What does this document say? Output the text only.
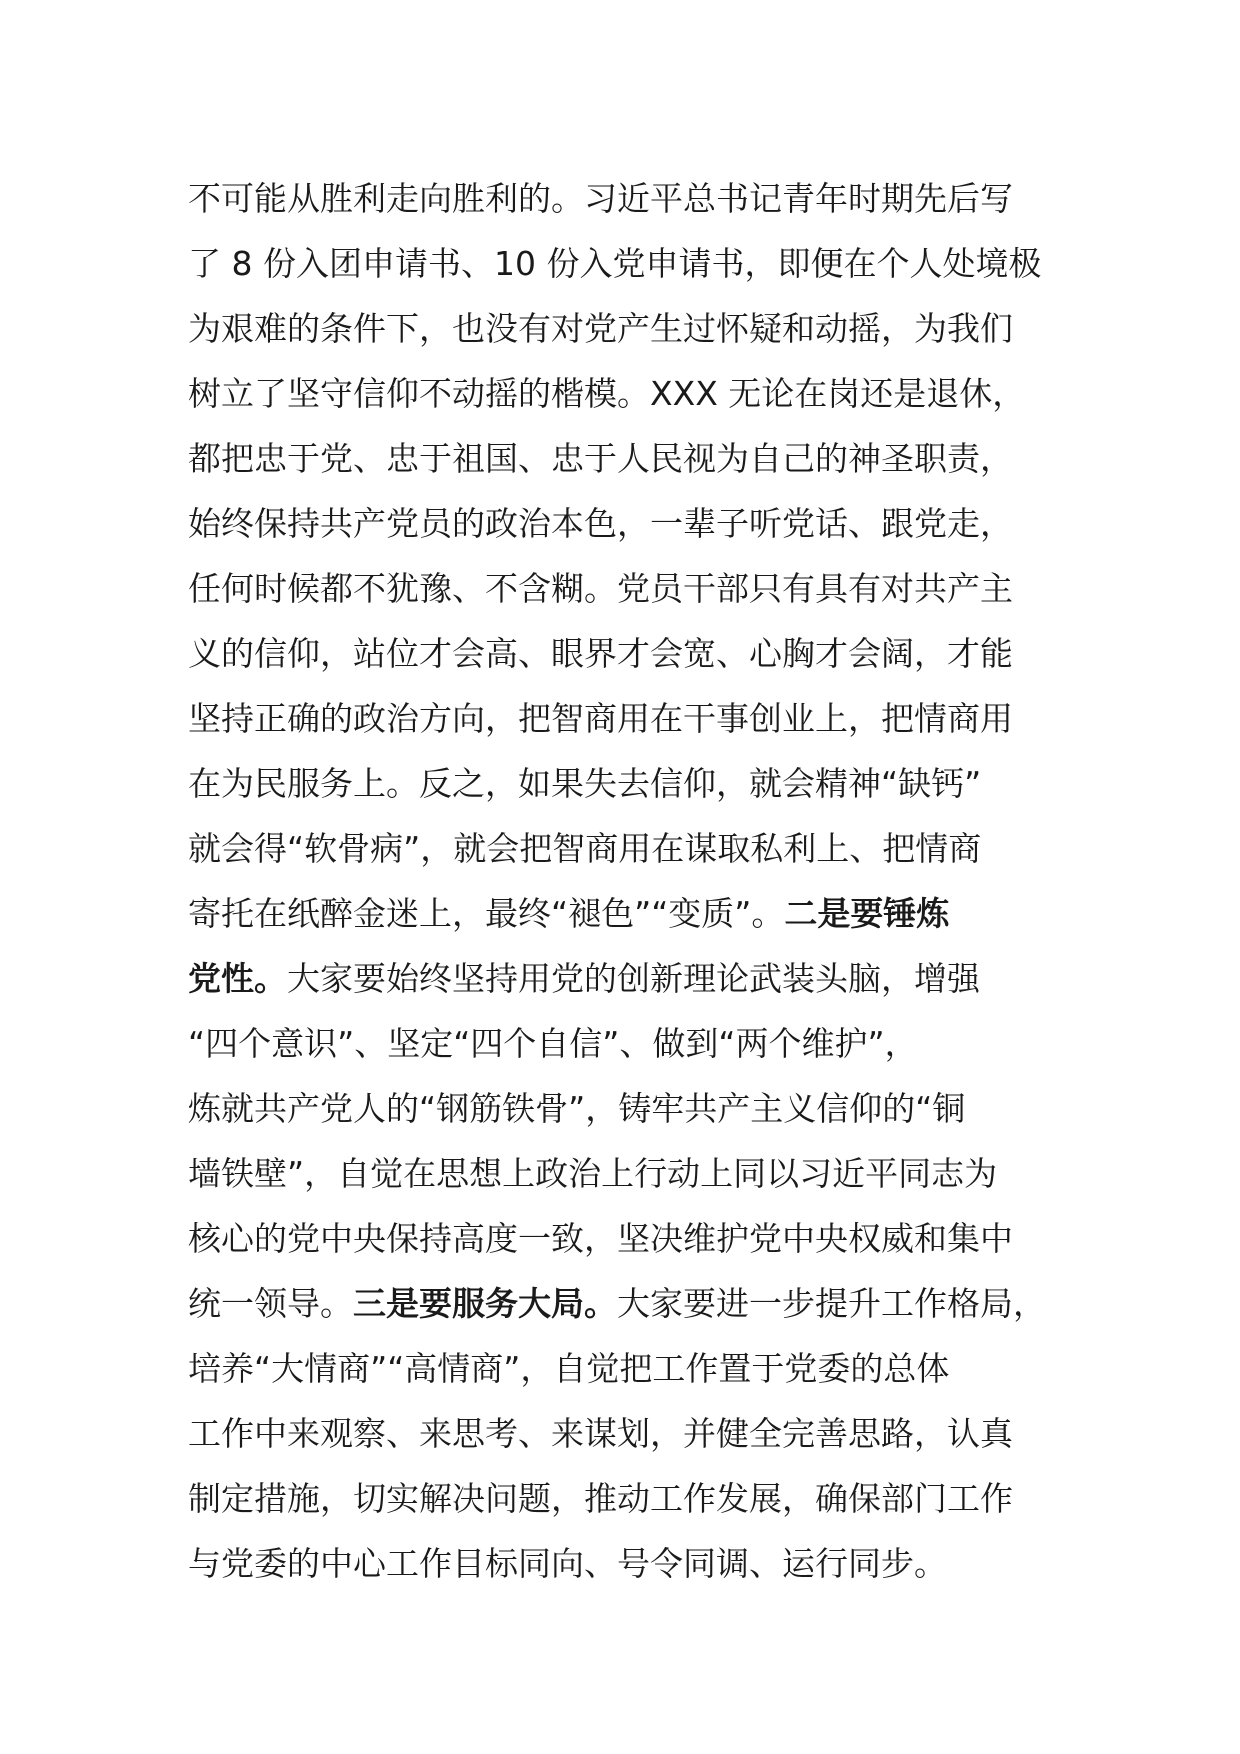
不可能从胜利走向胜利的。习近平总书记青年时期先后写
了 8 份入团申请书、10 份入党申请书，即便在个人处境极
为艰难的条件下，也没有对党产生过怀疑和动摇，为我们
树立了坚守信仰不动摇的楷模。XXX 无论在岗还是退休，
都把忠于党、忠于祖国、忠于人民视为自己的神圣职责，
始终保持共产党员的政治本色，一辈子听党话、跟党走，
任何时候都不犹豫、不含糊。党员干部只有具有对共产主
义的信仰，站位才会高、眼界才会宽、心胸才会阔，才能
坚持正确的政治方向，把智商用在干事创业上，把情商用
在为民服务上。反之，如果失去信仰，就会精神“缺钙”
就会得“软骨病”，就会把智商用在谋取私利上、把情商
寄托在纸醉金迷上，最终“褪色”“变质”。二是要锤炼
党性。大家要始终坚持用党的创新理论武装头脑，增强
“四个意识”、坚定“四个自信”、做到“两个维护”，
炼就共产党人的“钢筋铁骨”，铸牢共产主义信仰的“铜
墙铁壁”，自觉在思想上政治上行动上同以习近平同志为
核心的党中央保持高度一致，坚决维护党中央权威和集中
统一领导。三是要服务大局。大家要进一步提升工作格局，
培养“大情商”“高情商”，自觉把工作置于党委的总体
工作中来观察、来思考、来谋划，并健全完善思路，认真
制定措施，切实解决问题，推动工作发展，确保部门工作
与党委的中心工作目标同向、号令同调、运行同步。
